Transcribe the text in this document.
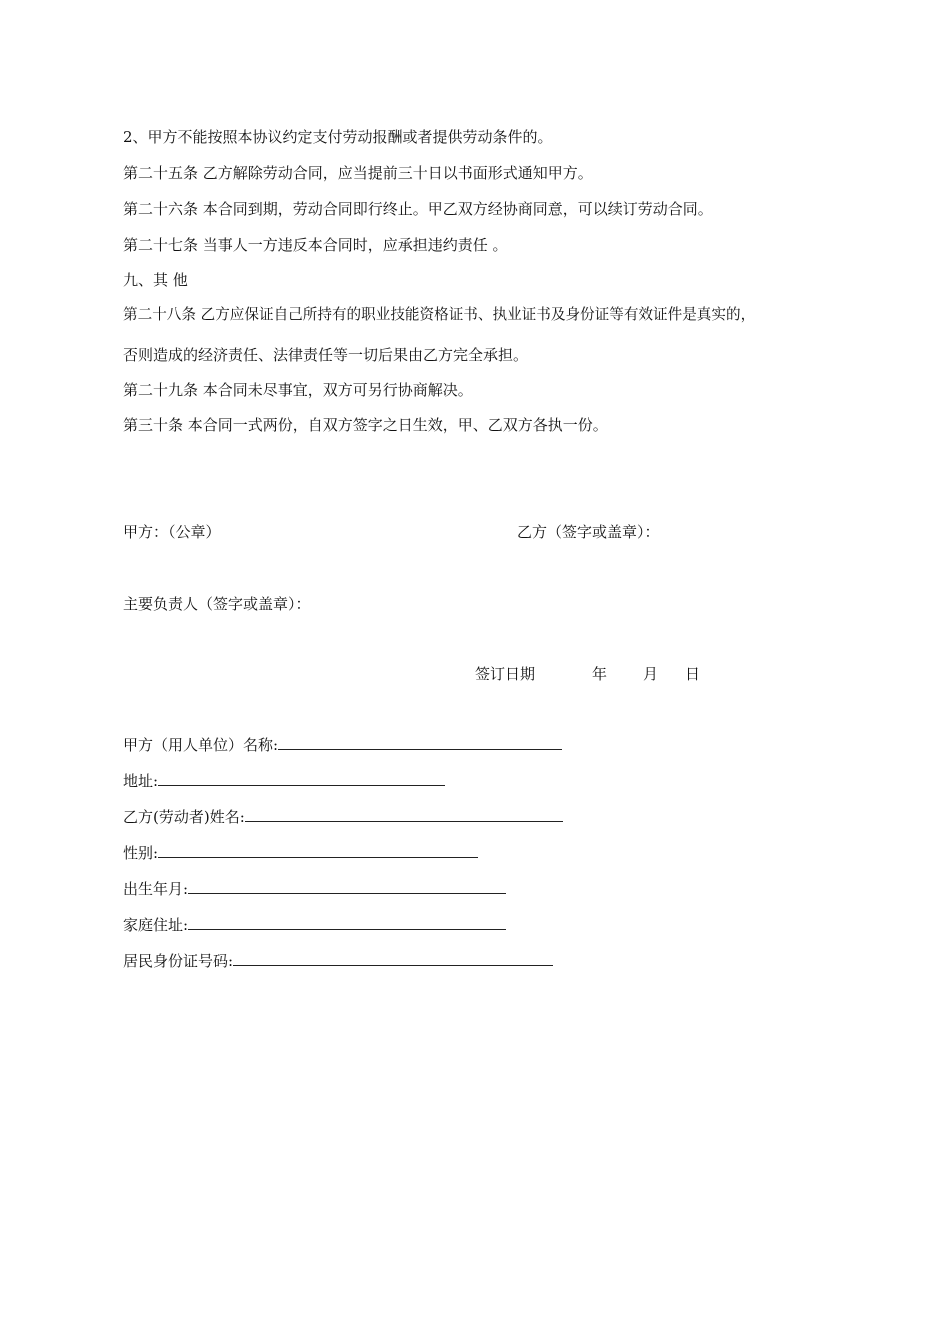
2、甲方不能按照本协议约定支付劳动报酬或者提供劳动条件的。
第二十五条 乙方解除劳动合同，应当提前三十日以书面形式通知甲方。
第二十六条 本合同到期，劳动合同即行终止。甲乙双方经协商同意，可以续订劳动合同。
第二十七条 当事人一方违反本合同时，应承担违约责任 。
九、其 他
第二十八条 乙方应保证自己所持有的职业技能资格证书、执业证书及身份证等有效证件是真实的，
否则造成的经济责任、法律责任等一切后果由乙方完全承担。
第二十九条 本合同未尽事宜，双方可另行协商解决。
第三十条 本合同一式两份，自双方签字之日生效，甲、乙双方各执一份。
甲方：（公章）	乙方（签字或盖章）：
主要负责人（签字或盖章）：
签订日期	年 月 日
甲方（用人单位）名称:
地址:
乙方(劳动者)姓名:
性别:
出生年月:
家庭住址:
居民身份证号码:
